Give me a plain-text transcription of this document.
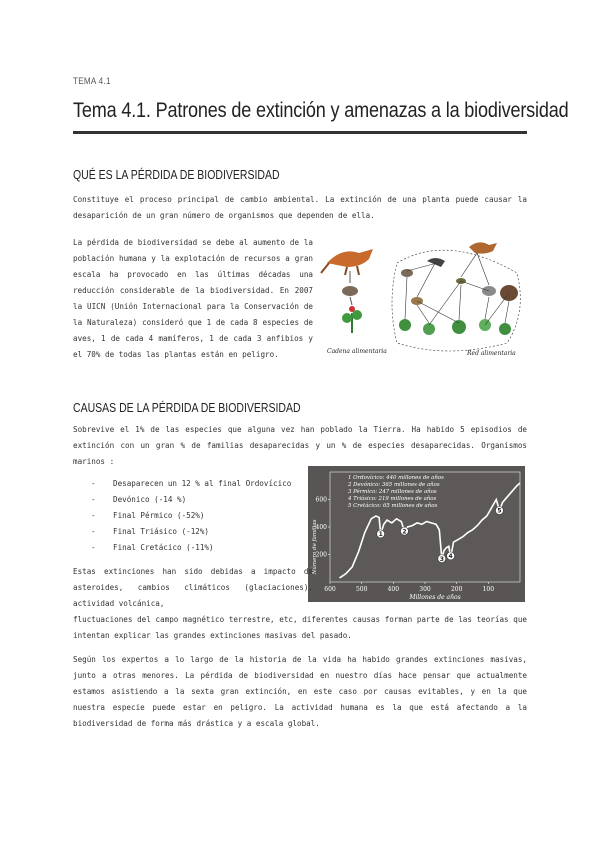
TEMA 4.1
Tema 4.1. Patrones de extinción y amenazas a la biodiversidad
QUÉ ES LA PÉRDIDA DE BIODIVERSIDAD

Constituye el proceso principal de cambio ambiental. La extinción de una planta puede causar la desaparición de un gran número de organismos que dependen de ella.

La pérdida de biodiversidad se debe al aumento de la población humana y la explotación de recursos a gran escala ha provocado en las últimas décadas una reducción considerable de la biodiversidad. En 2007 la UICN (Unión Internacional para la Conservación de la Naturaleza) consideró que 1 de cada 8 especies de aves, 1 de cada 4 mamíferos, 1 de cada 3 anfibios y el 70% de todas las plantas están en peligro.	Cadena alimentaria	Red alimentaria
CAUSAS DE LA PÉRDIDA DE BIODIVERSIDAD

Sobrevive el 1% de las especies que alguna vez han poblado la Tierra. Ha habido 5 episodios de extinción con un gran % de familias desaparecidas y un % de especies desaparecidas. Organismos marinos :

-	Desaparecen un 12 % al final Ordovícico
-	Devónico (-14 %)
-	Final Pérmico (-52%)
-	Final Triásico (-12%)
-	Final Cretácico (-11%)
200
400
600
600	500	400	300	200	100
Millones de años
Número de familias
1 Ordovícico: 440 millones de años
2 Devónico: 365 millones de años
3 Pérmico: 247 millones de años
4 Triásico: 219 millones de años
5 Cretácico: 65 millones de años
1	2
3 4
5

Estas extinciones han sido debidas a impacto de asteroides, cambios climáticos (glaciaciones), actividad volcánica,

fluctuaciones del campo magnético terrestre, etc, diferentes causas forman parte de las teorías que intentan explicar las grandes extinciones masivas del pasado.

Según los expertos a lo largo de la historia de la vida ha habido grandes extinciones masivas, junto a otras menores. La pérdida de biodiversidad en nuestro días hace pensar que actualmente estamos asistiendo a la sexta gran extinción, en este caso por causas evitables, y en la que nuestra especie puede estar en peligro. La actividad humana es la que está afectando a la biodiversidad de forma más drástica y a escala global.
